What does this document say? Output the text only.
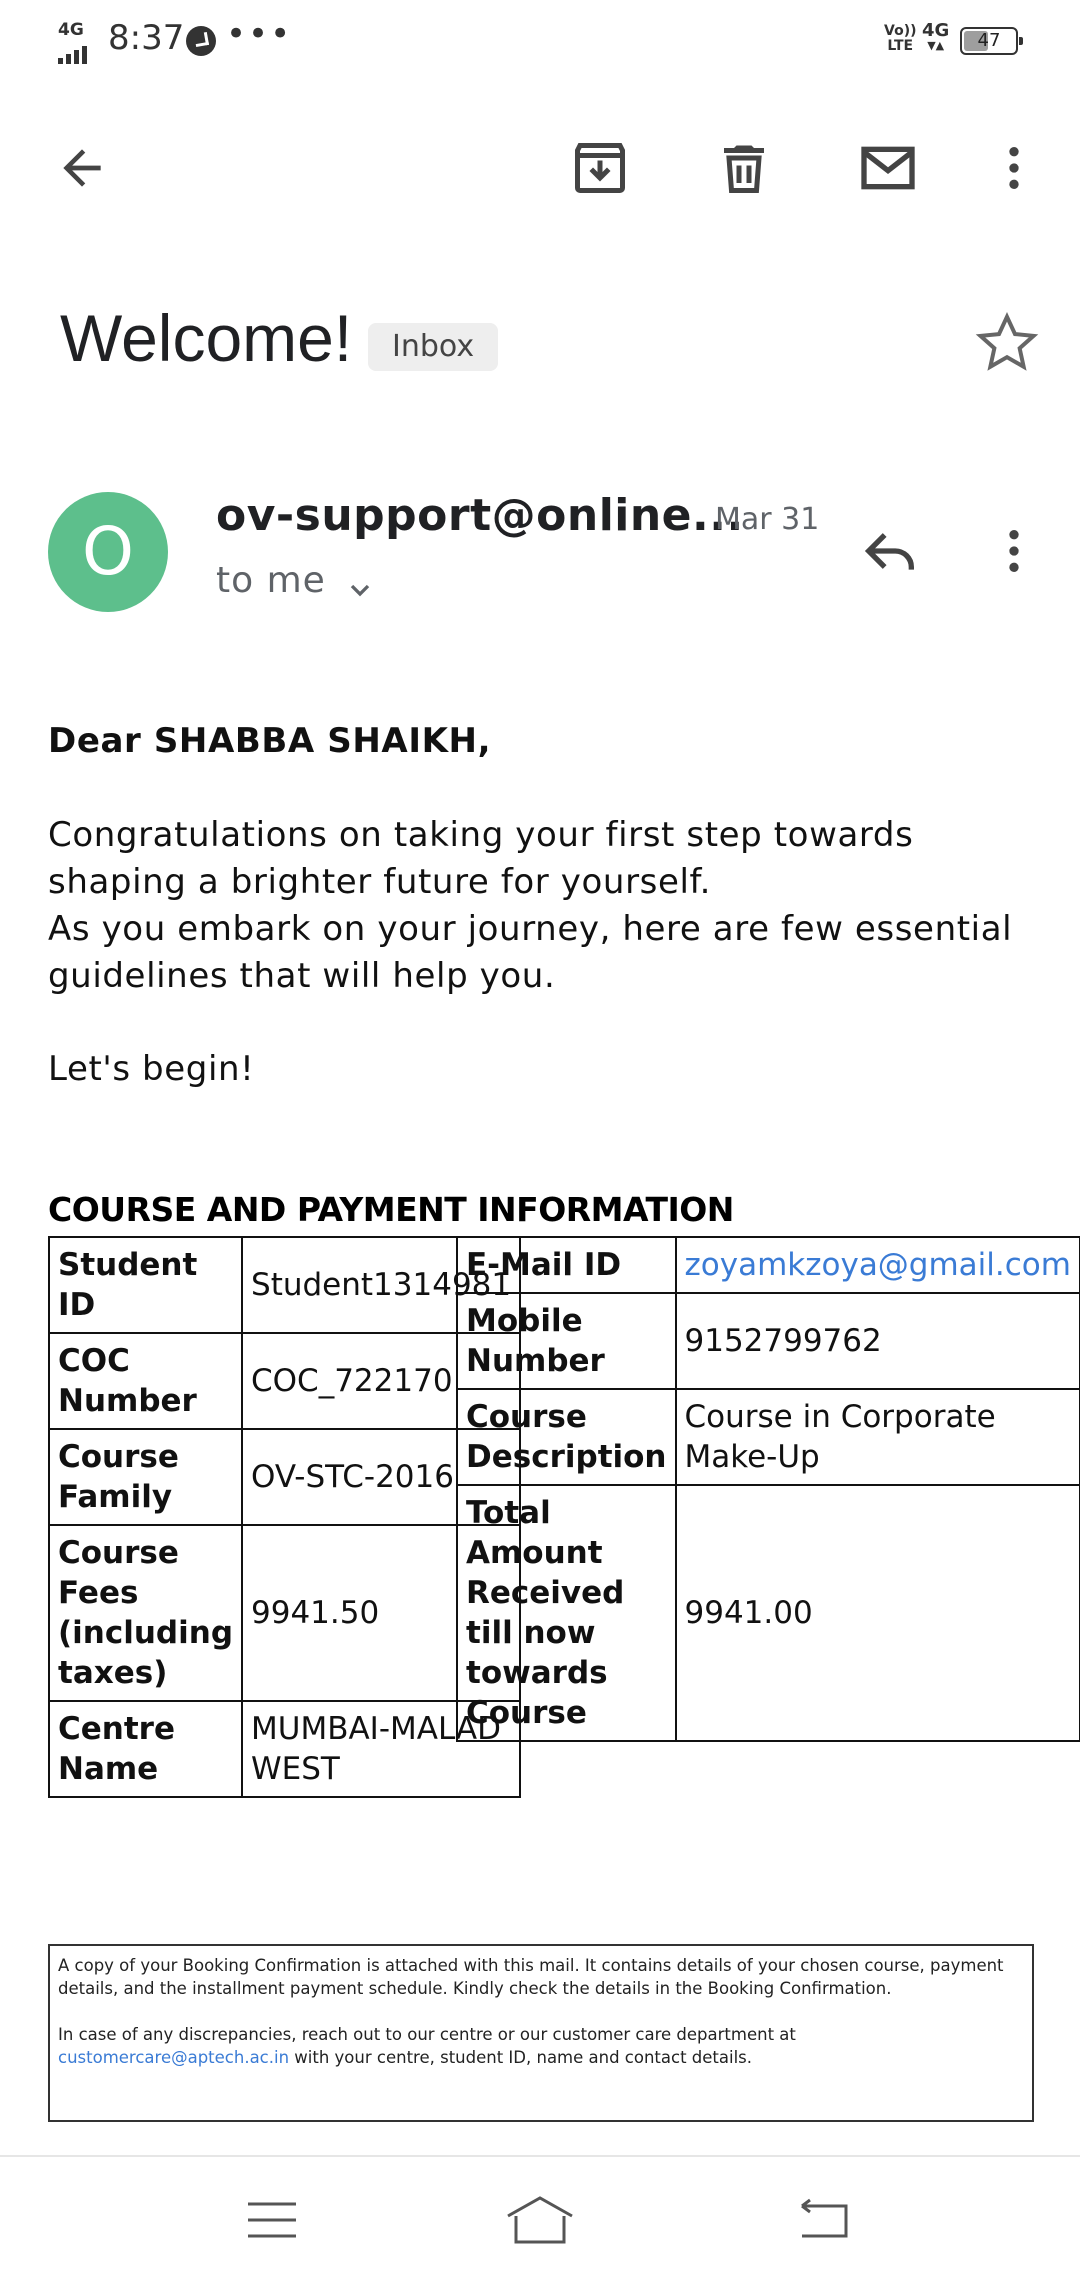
4G 8:37 •••	Vo))
LTE
4G
▼▲	47
Welcome!	Inbox
O	ov-support@online...
Mar 31
to me
Dear SHABBA SHAIKH,
Congratulations on taking your first step towards
shaping a brighter future for yourself.
As you embark on your journey, here are few essential
guidelines that will help you.
Let's begin!
COURSE AND PAYMENT INFORMATION
Student ID	Student1314981
COC Number	COC_722170
Course Family	OV-STC-2016
Course Fees (including taxes)	9941.50
Centre Name	MUMBAI-MALAD WEST
E-Mail ID	zoyamkzoya@gmail.com
Mobile Number	9152799762
Course Description	Course in Corporate Make-Up
Total Amount Received till now towards Course	9941.00

A copy of your Booking Confirmation is attached with this mail. It contains details of your chosen course, payment details, and the installment payment schedule. Kindly check the details in the Booking Confirmation.

In case of any discrepancies, reach out to our centre or our customer care department at
customercare@aptech.ac.in with your centre, student ID, name and contact details.
